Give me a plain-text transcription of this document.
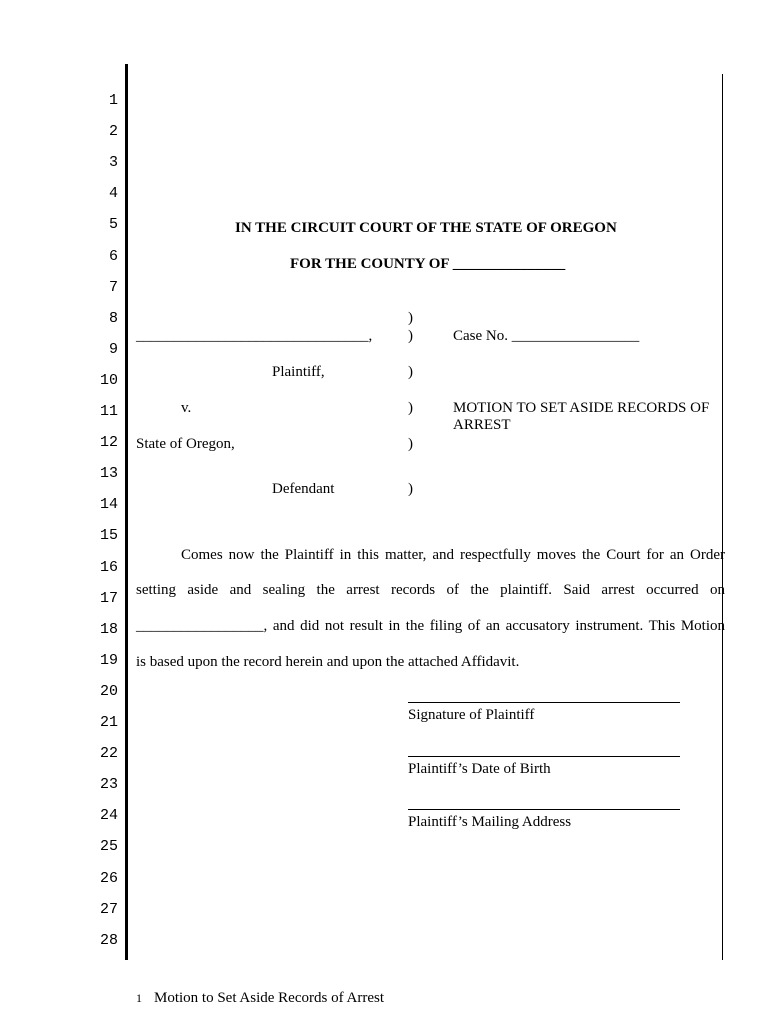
1
2
3
4
5
6
7
8
9
10
11
12
13
14
15
16
17
18
19
20
21
22
23
24
25
26
27
28
IN THE CIRCUIT COURT OF THE STATE OF OREGON
FOR THE COUNTY OF _______________
_______________________________,
Plaintiff,
v.
State of Oregon,
Defendant
)
)
)
)
)
)
Case No. _________________
MOTION TO SET ASIDE RECORDS OF
ARREST
Comes now the Plaintiff in this matter, and respectfully moves the Court for an Order
setting aside and sealing the arrest records of the plaintiff. Said arrest occurred on
_________________, and did not result in the filing of an accusatory instrument. This Motion
is based upon the record herein and upon the attached Affidavit.
Signature of Plaintiff
Plaintiff’s Date of Birth
Plaintiff’s Mailing Address
1 Motion to Set Aside Records of Arrest
